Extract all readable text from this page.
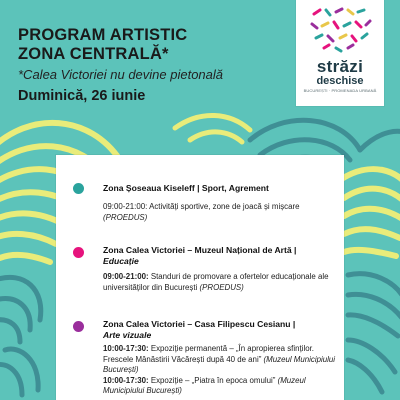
PROGRAM ARTISTIC
ZONA CENTRALĂ*
*Calea Victoriei nu devine pietonală
Duminică, 26 iunie
străzi
deschise
BUCUREȘTI · PROMENADA URBANĂ
Zona Șoseaua Kiseleff | Sport, Agrement
09:00-21:00: Activități sportive, zone de joacă și mișcare
(PROEDUS)
Zona Calea Victoriei – Muzeul Național de Artă |
Educație
09:00-21:00: Standuri de promovare a ofertelor educaționale ale universităților din București (PROEDUS)
Zona Calea Victoriei – Casa Filipescu Cesianu |
Arte vizuale
10:00-17:30: Expoziție permanentă – „În apropierea sfinților. Frescele Mânăstirii Văcărești după 40 de ani” (Muzeul Municipiului București)
10:00-17:30: Expoziție – „Piatra în epoca omului” (Muzeul Municipiului București)
